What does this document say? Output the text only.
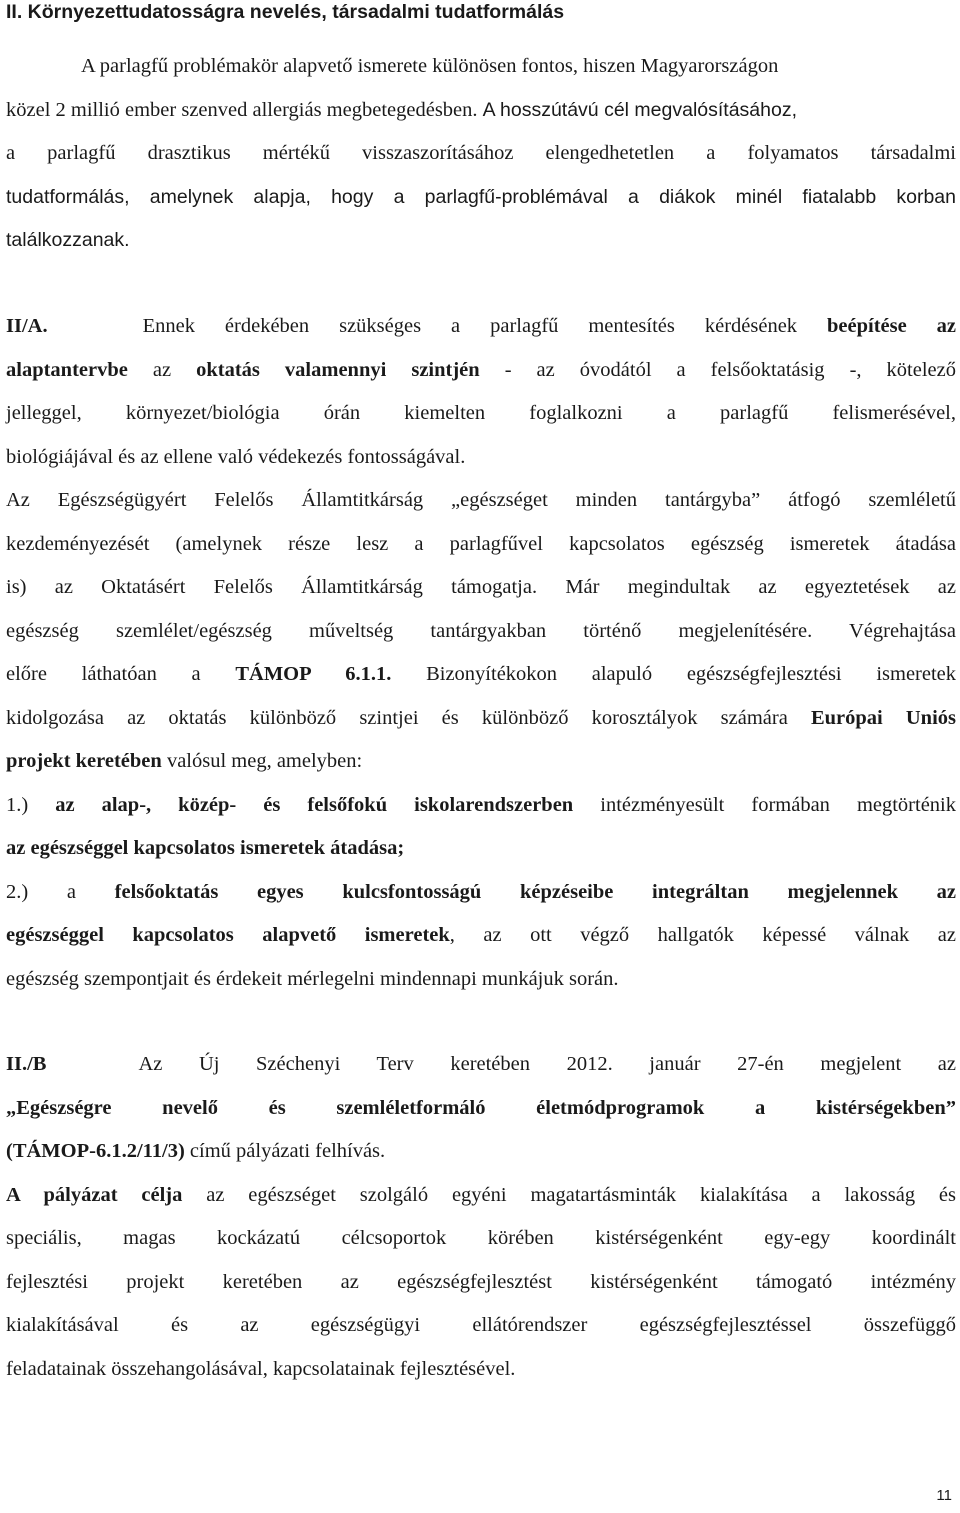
II. Környezettudatosságra nevelés, társadalmi tudatformálás
A parlagfű problémakör alapvető ismerete különösen fontos, hiszen Magyarországon
közel 2 millió ember szenved allergiás megbetegedésben. A hosszútávú cél megvalósításához,
a parlagfű drasztikus mértékű visszaszorításához elengedhetetlen a folyamatos társadalmi
tudatformálás, amelynek alapja, hogy a parlagfű-problémával a diákok minél fiatalabb korban
találkozzanak.
II/A.	Ennek érdekében szükséges a parlagfű mentesítés kérdésének beépítése az
alaptantervbe az oktatás valamennyi szintjén - az óvodától a felsőoktatásig -, kötelező
jelleggel, környezet/biológia órán kiemelten foglalkozni a parlagfű felismerésével,
biológiájával és az ellene való védekezés fontosságával.
Az Egészségügyért Felelős Államtitkárság „egészséget minden tantárgyba” átfogó szemléletű
kezdeményezését (amelynek része lesz a parlagfűvel kapcsolatos egészség ismeretek átadása
is) az Oktatásért Felelős Államtitkárság támogatja. Már megindultak az egyeztetések az
egészség szemlélet/egészség műveltség tantárgyakban történő megjelenítésére. Végrehajtása
előre láthatóan a TÁMOP 6.1.1. Bizonyítékokon alapuló egészségfejlesztési ismeretek
kidolgozása az oktatás különböző szintjei és különböző korosztályok számára Európai Uniós
projekt keretében valósul meg, amelyben:
1.) az alap-, közép- és felsőfokú iskolarendszerben intézményesült formában megtörténik
az egészséggel kapcsolatos ismeretek átadása;
2.) a felsőoktatás egyes kulcsfontosságú képzéseibe integráltan megjelennek az
egészséggel kapcsolatos alapvető ismeretek, az ott végző hallgatók képessé válnak az
egészség szempontjait és érdekeit mérlegelni mindennapi munkájuk során.
II./B	Az Új Széchenyi Terv keretében 2012. január 27-én megjelent az
„Egészségre nevelő és szemléletformáló életmódprogramok a kistérségekben”
(TÁMOP-6.1.2/11/3) című pályázati felhívás.
A pályázat célja az egészséget szolgáló egyéni magatartásminták kialakítása a lakosság és
speciális, magas kockázatú célcsoportok körében kistérségenként egy-egy koordinált
fejlesztési projekt keretében az egészségfejlesztést kistérségenként támogató intézmény
kialakításával és az egészségügyi ellátórendszer egészségfejlesztéssel összefüggő
feladatainak összehangolásával, kapcsolatainak fejlesztésével.
11
